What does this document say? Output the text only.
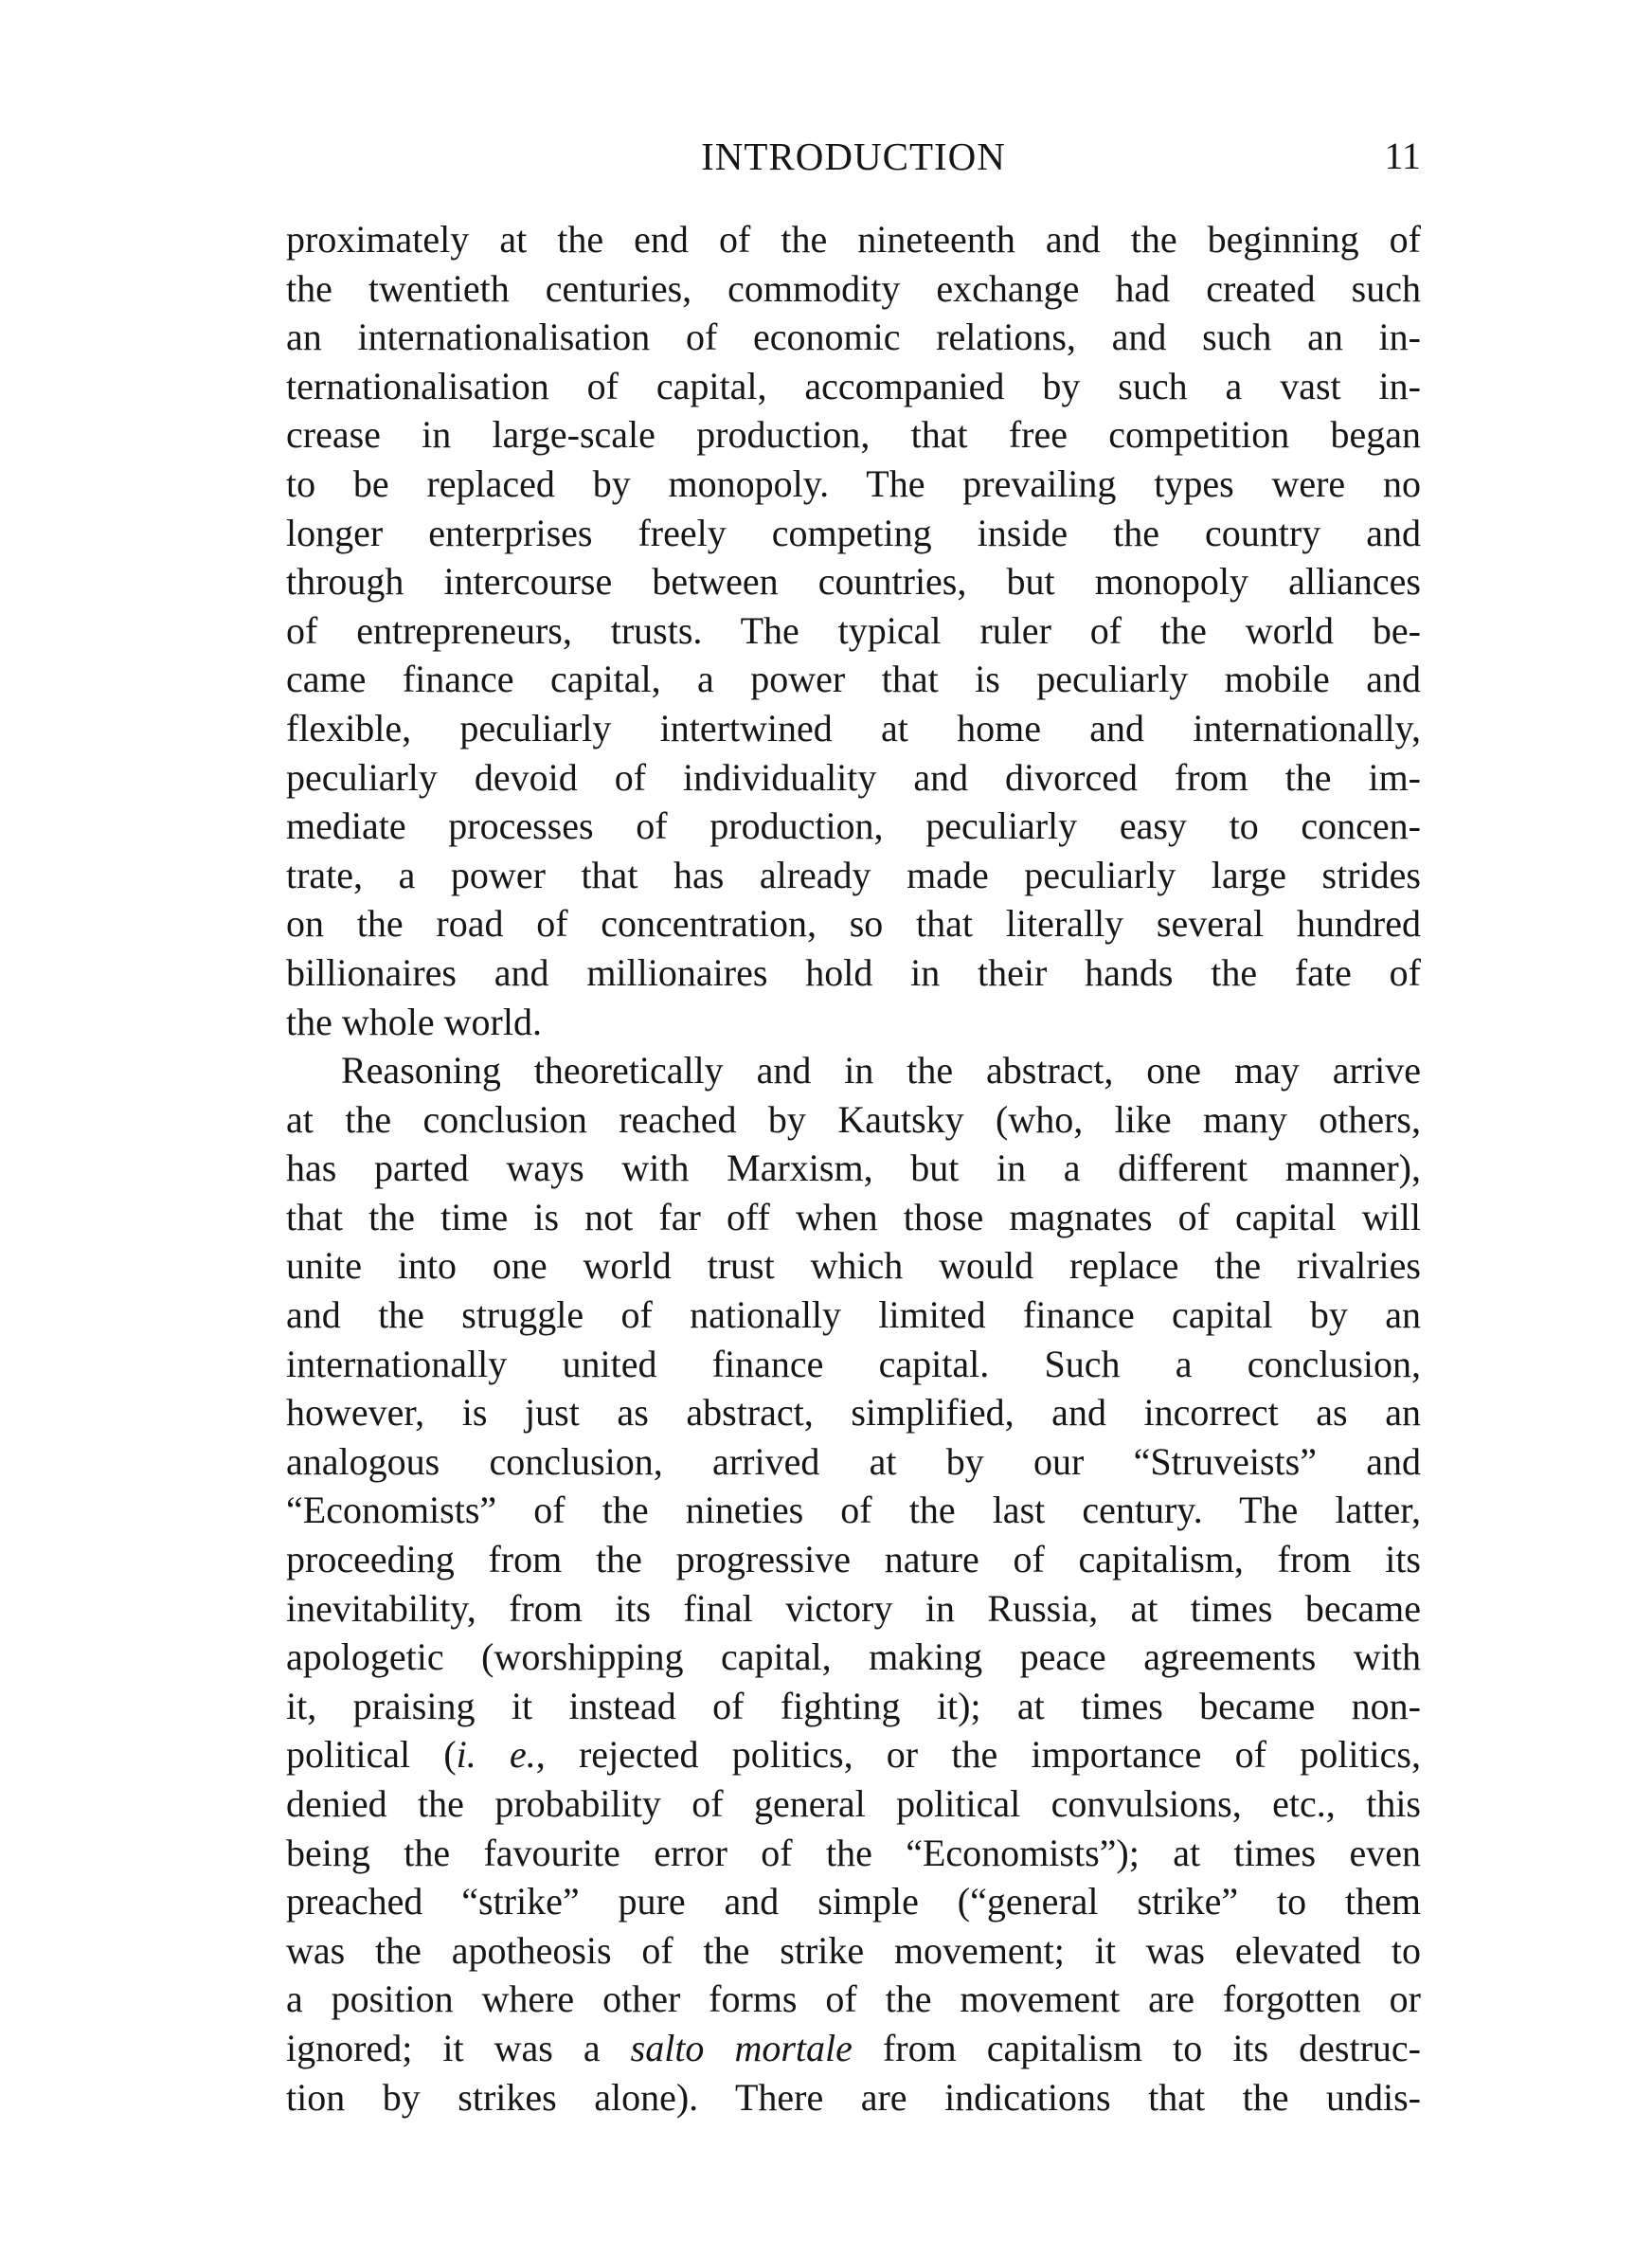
INTRODUCTION	11
proximately at the end of the nineteenth and the beginning of
the twentieth centuries, commodity exchange had created such
an internationalisation of economic relations, and such an in-
ternationalisation of capital, accompanied by such a vast in-
crease in large-scale production, that free competition began
to be replaced by monopoly. The prevailing types were no
longer enterprises freely competing inside the country and
through intercourse between countries, but monopoly alliances
of entrepreneurs, trusts. The typical ruler of the world be-
came finance capital, a power that is peculiarly mobile and
flexible, peculiarly intertwined at home and internationally,
peculiarly devoid of individuality and divorced from the im-
mediate processes of production, peculiarly easy to concen-
trate, a power that has already made peculiarly large strides
on the road of concentration, so that literally several hundred
billionaires and millionaires hold in their hands the fate of
the whole world.
Reasoning theoretically and in the abstract, one may arrive
at the conclusion reached by Kautsky (who, like many others,
has parted ways with Marxism, but in a different manner),
that the time is not far off when those magnates of capital will
unite into one world trust which would replace the rivalries
and the struggle of nationally limited finance capital by an
internationally united finance capital. Such a conclusion,
however, is just as abstract, simplified, and incorrect as an
analogous conclusion, arrived at by our “Struveists” and
“Economists” of the nineties of the last century. The latter,
proceeding from the progressive nature of capitalism, from its
inevitability, from its final victory in Russia, at times became
apologetic (worshipping capital, making peace agreements with
it, praising it instead of fighting it); at times became non-
political (i. e., rejected politics, or the importance of politics,
denied the probability of general political convulsions, etc., this
being the favourite error of the “Economists”); at times even
preached “strike” pure and simple (“general strike” to them
was the apotheosis of the strike movement; it was elevated to
a position where other forms of the movement are forgotten or
ignored; it was a salto mortale from capitalism to its destruc-
tion by strikes alone). There are indications that the undis-
